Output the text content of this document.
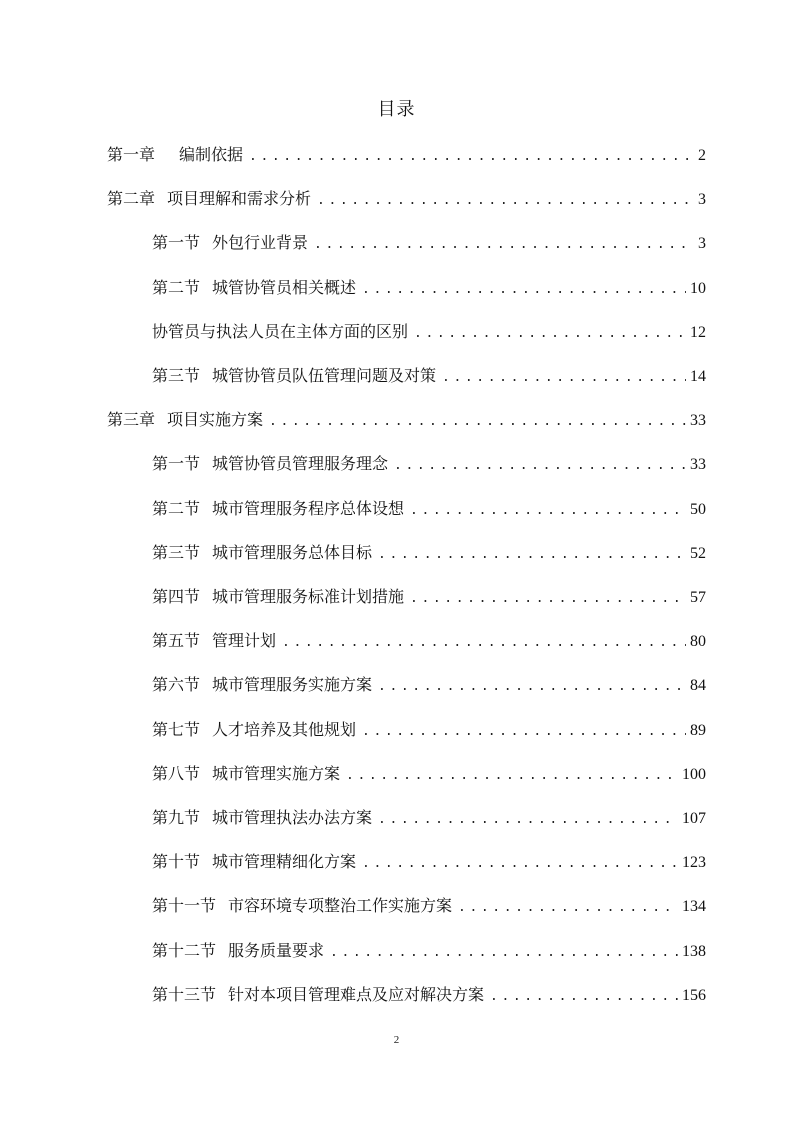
目录
第一章 编制依据 .....	2
第二章 项目理解和需求分析 .....	3
第一节 外包行业背景 .....	3
第二节 城管协管员相关概述 .....	10
协管员与执法人员在主体方面的区别 .....	12
第三节 城管协管员队伍管理问题及对策 .....	14
第三章 项目实施方案 .....	33
第一节 城管协管员管理服务理念 .....	33
第二节 城市管理服务程序总体设想 .....	50
第三节 城市管理服务总体目标 .....	52
第四节 城市管理服务标准计划措施 .....	57
第五节 管理计划 .....	80
第六节 城市管理服务实施方案 .....	84
第七节 人才培养及其他规划 .....	89
第八节 城市管理实施方案 .....	100
第九节 城市管理执法办法方案 .....	107
第十节 城市管理精细化方案 .....	123
第十一节 市容环境专项整治工作实施方案 .....	134
第十二节 服务质量要求 .....	138
第十三节 针对本项目管理难点及应对解决方案 .....	156
2
